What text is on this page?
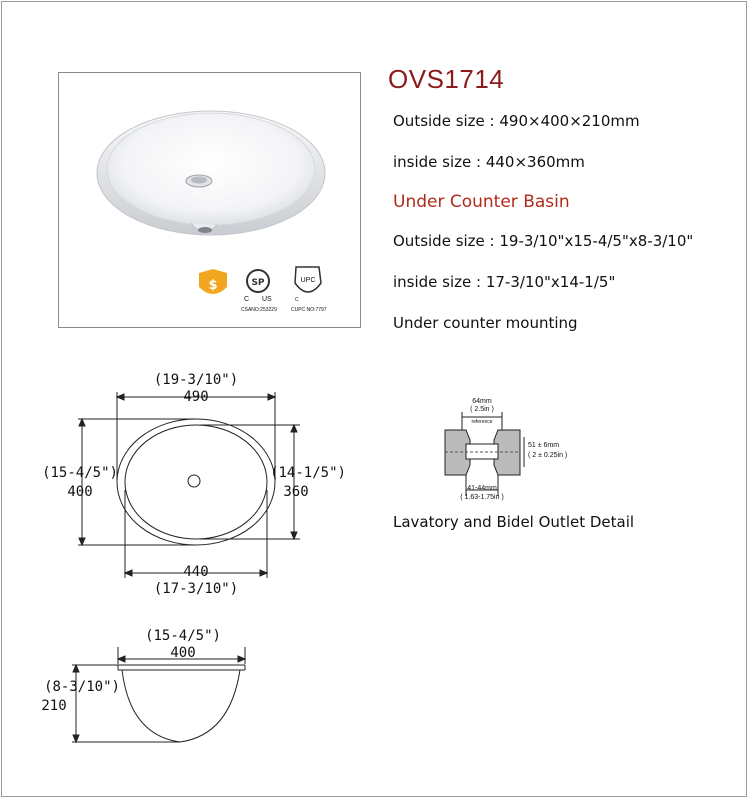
$	SP
C US
CSANO:253229
UPC
C
CUPC NO:7797
OVS1714
Outside size : 490×400×210mm
inside size : 440×360mm
Under Counter Basin
Outside size : 19-3/10"x15-4/5"x8-3/10"
inside size : 17-3/10"x14-1/5"
Under counter mounting
(19-3/10")
490
(15-4/5")
400
(14-1/5")
360
440
(17-3/10")
(15-4/5")
400
(8-3/10")
210
64mm
( 2.5in )
reference
51 ± 6mm
( 2 ± 0.25in )
41-44mm
( 1.63-1.75in )
Lavatory and Bidel Outlet Detail
